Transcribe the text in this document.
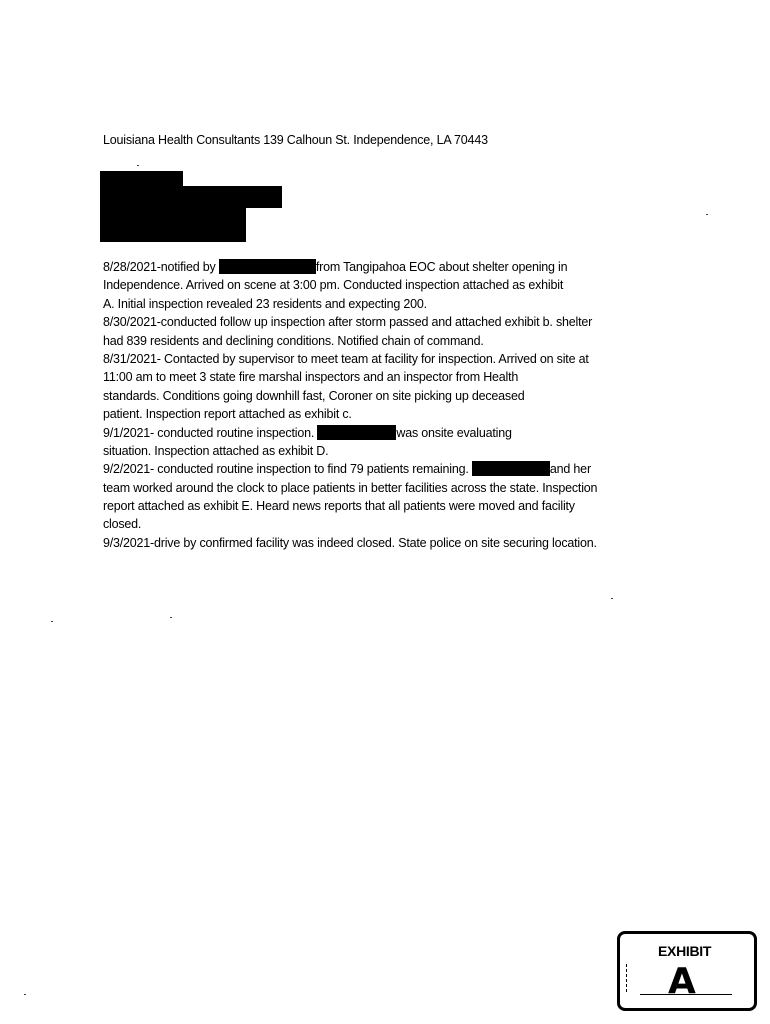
Louisiana Health Consultants 139 Calhoun St. Independence, LA 70443
8/28/2021-notified by	from Tangipahoa EOC about shelter opening in
Independence. Arrived on scene at 3:00 pm. Conducted inspection attached as exhibit
A. Initial inspection revealed 23 residents and expecting 200.
8/30/2021-conducted follow up inspection after storm passed and attached exhibit b. shelter
had 839 residents and declining conditions. Notified chain of command.
8/31/2021- Contacted by supervisor to meet team at facility for inspection. Arrived on site at
11:00 am to meet 3 state fire marshal inspectors and an inspector from Health
standards. Conditions going downhill fast, Coroner on site picking up deceased
patient. Inspection report attached as exhibit c.
9/1/2021- conducted routine inspection.	was onsite evaluating
situation. Inspection attached as exhibit D.
9/2/2021- conducted routine inspection to find 79 patients remaining.	and her
team worked around the clock to place patients in better facilities across the state. Inspection
report attached as exhibit E. Heard news reports that all patients were moved and facility
closed.
9/3/2021-drive by confirmed facility was indeed closed. State police on site securing location.
EXHIBIT
A
